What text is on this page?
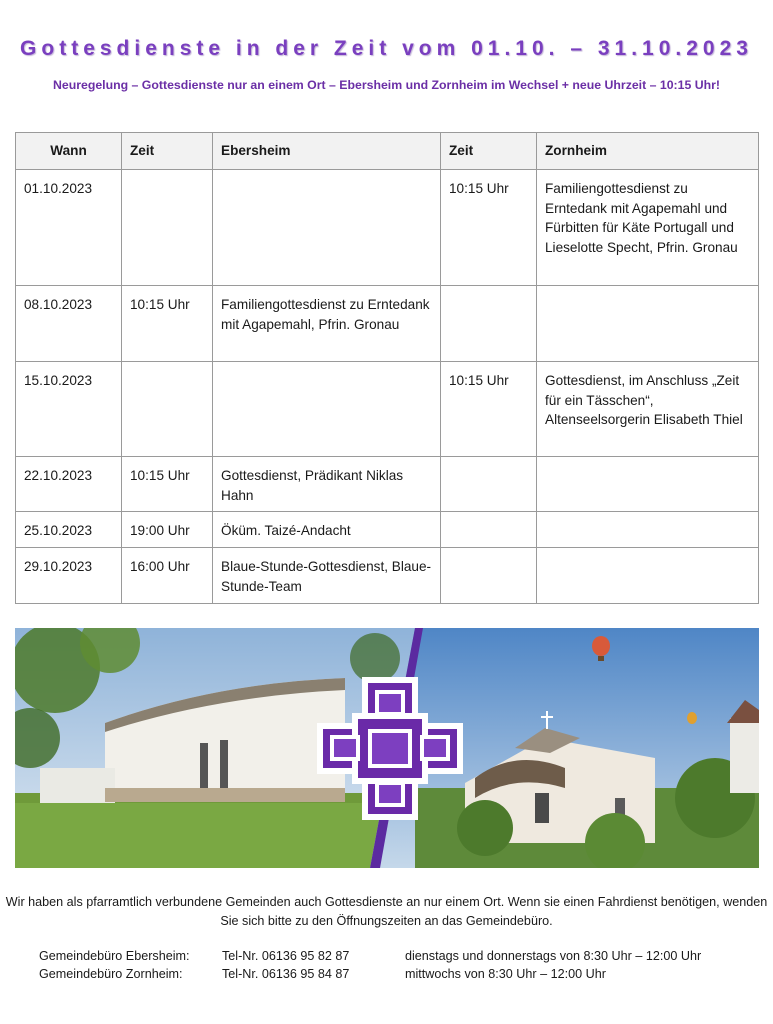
Gottesdienste in der Zeit vom 01.10. – 31.10.2023
Neuregelung – Gottesdienste nur an einem Ort – Ebersheim und Zornheim im Wechsel + neue Uhrzeit – 10:15 Uhr!
Wann	Zeit	Ebersheim	Zeit	Zornheim
01.10.2023			10:15 Uhr	Familiengottesdienst zu Erntedank mit Agapemahl und Fürbitten für Käte Portugall und Lieselotte Specht, Pfrin. Gronau
08.10.2023	10:15 Uhr	Familiengottesdienst zu Erntedank mit Agapemahl, Pfrin. Gronau		
15.10.2023			10:15 Uhr	Gottesdienst, im Anschluss „Zeit für ein Tässchen“, Altenseelsorgerin Elisabeth Thiel
22.10.2023	10:15 Uhr	Gottesdienst, Prädikant Niklas Hahn		
25.10.2023	19:00 Uhr	Öküm. Taizé-Andacht		
29.10.2023	16:00 Uhr	Blaue-Stunde-Gottesdienst, Blaue-Stunde-Team		
Wir haben als pfarramtlich verbundene Gemeinden auch Gottesdienste an nur einem Ort. Wenn sie einen Fahrdienst benötigen, wenden Sie sich bitte zu den Öffnungszeiten an das Gemeindebüro.
Gemeindebüro Ebersheim:	Tel-Nr. 06136 95 82 87	dienstags und donnerstags von 8:30 Uhr – 12:00 Uhr
Gemeindebüro Zornheim:	Tel-Nr. 06136 95 84 87	mittwochs von 8:30 Uhr – 12:00 Uhr
